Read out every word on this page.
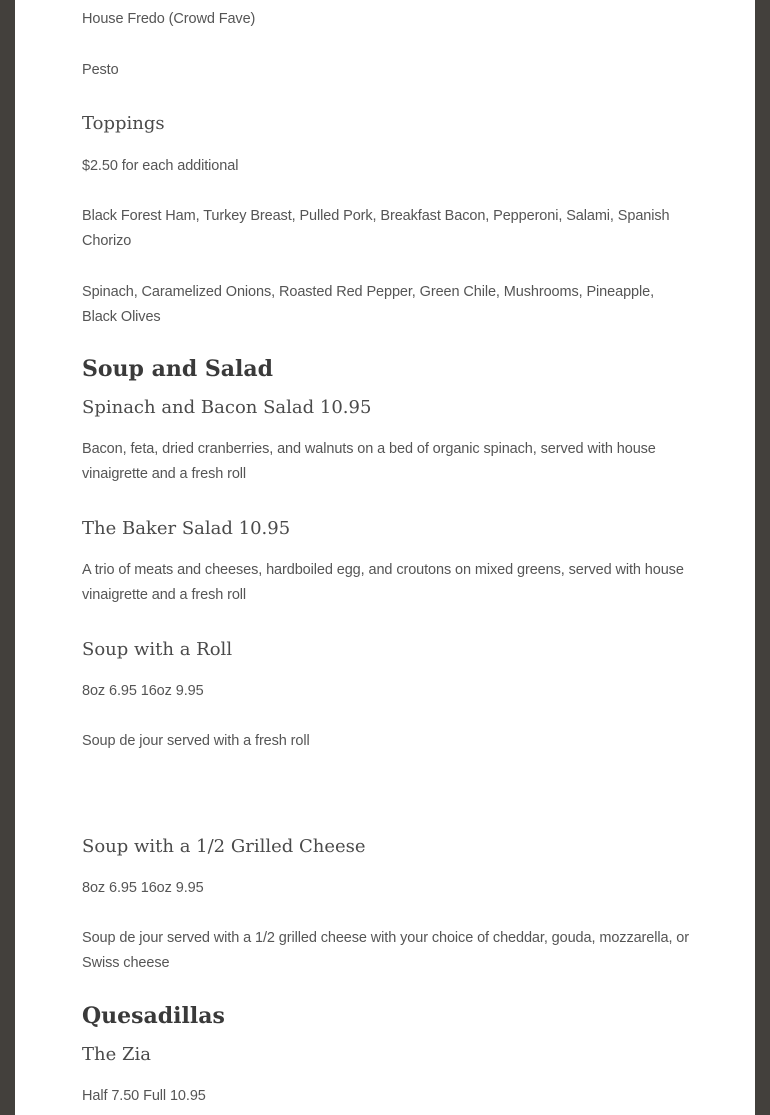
House Fredo (Crowd Fave)

Pesto

Toppings

$2.50 for each additional

Black Forest Ham, Turkey Breast, Pulled Pork, Breakfast Bacon, Pepperoni, Salami, Spanish Chorizo

Spinach, Caramelized Onions, Roasted Red Pepper, Green Chile, Mushrooms, Pineapple, Black Olives

Soup and Salad
Spinach and Bacon Salad 10.95

Bacon, feta, dried cranberries, and walnuts on a bed of organic spinach, served with house vinaigrette and a fresh roll

The Baker Salad 10.95

A trio of meats and cheeses, hardboiled egg, and croutons on mixed greens, served with house vinaigrette and a fresh roll

Soup with a Roll

8oz 6.95 16oz 9.95

Soup de jour served with a fresh roll

Soup with a 1/2 Grilled Cheese

8oz 6.95 16oz 9.95

Soup de jour served with a 1/2 grilled cheese with your choice of cheddar, gouda, mozzarella, or Swiss cheese

Quesadillas
The Zia

Half 7.50 Full 10.95
